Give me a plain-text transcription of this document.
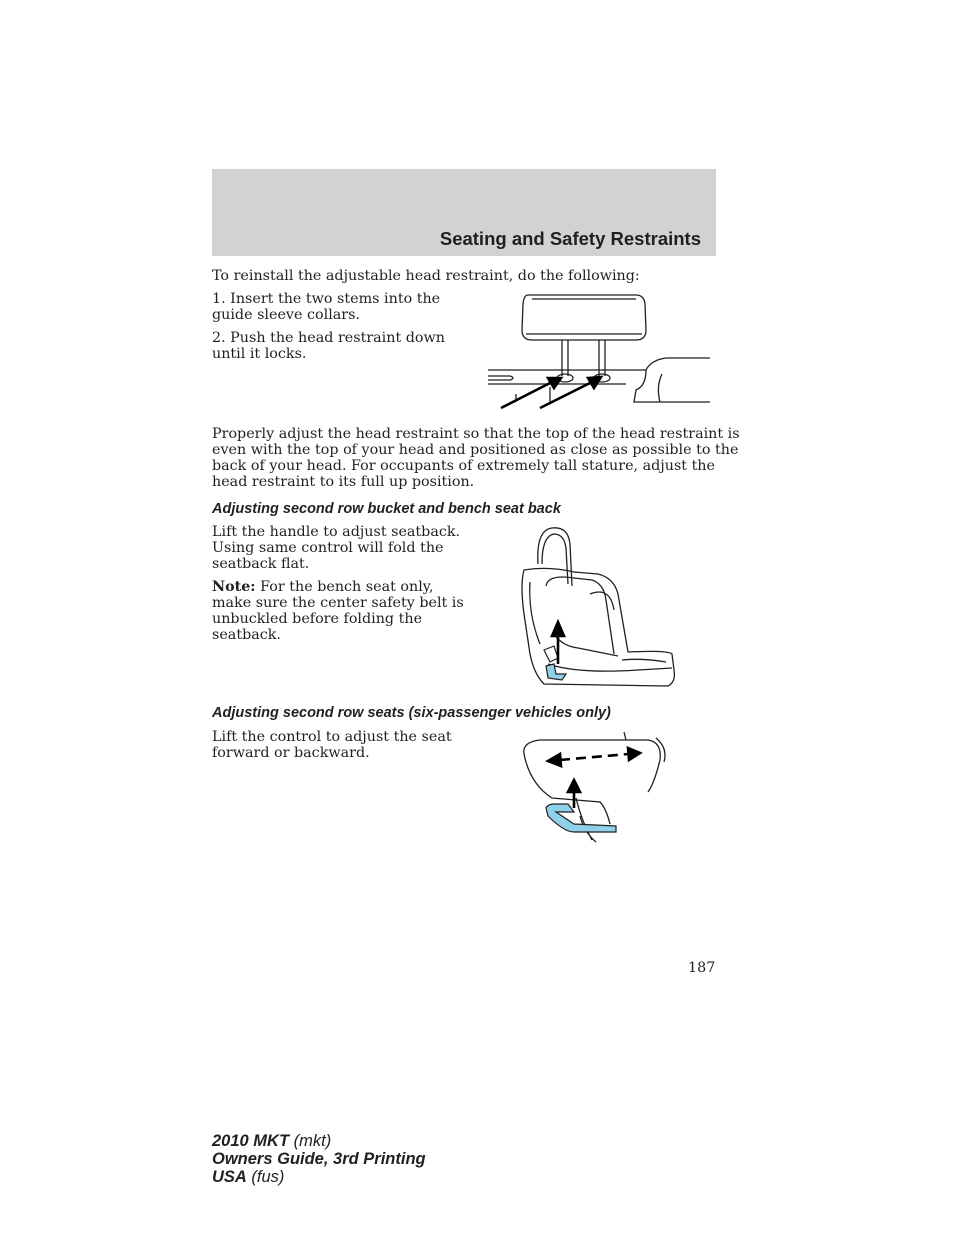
Seating and Safety Restraints

To reinstall the adjustable head restraint, do the following:

1. Insert the two stems into the

guide sleeve collars.

2. Push the head restraint down

until it locks.

Properly adjust the head restraint so that the top of the head restraint is

even with the top of your head and positioned as close as possible to the

back of your head. For occupants of extremely tall stature, adjust the

head restraint to its full up position.

Adjusting second row bucket and bench seat back

Lift the handle to adjust seatback.

Using same control will fold the

seatback flat.

Note: For the bench seat only,

make sure the center safety belt is

unbuckled before folding the

seatback.

Adjusting second row seats (six-passenger vehicles only)

Lift the control to adjust the seat

forward or backward.

187
2010 MKT (mkt)
Owners Guide, 3rd Printing
USA (fus)
